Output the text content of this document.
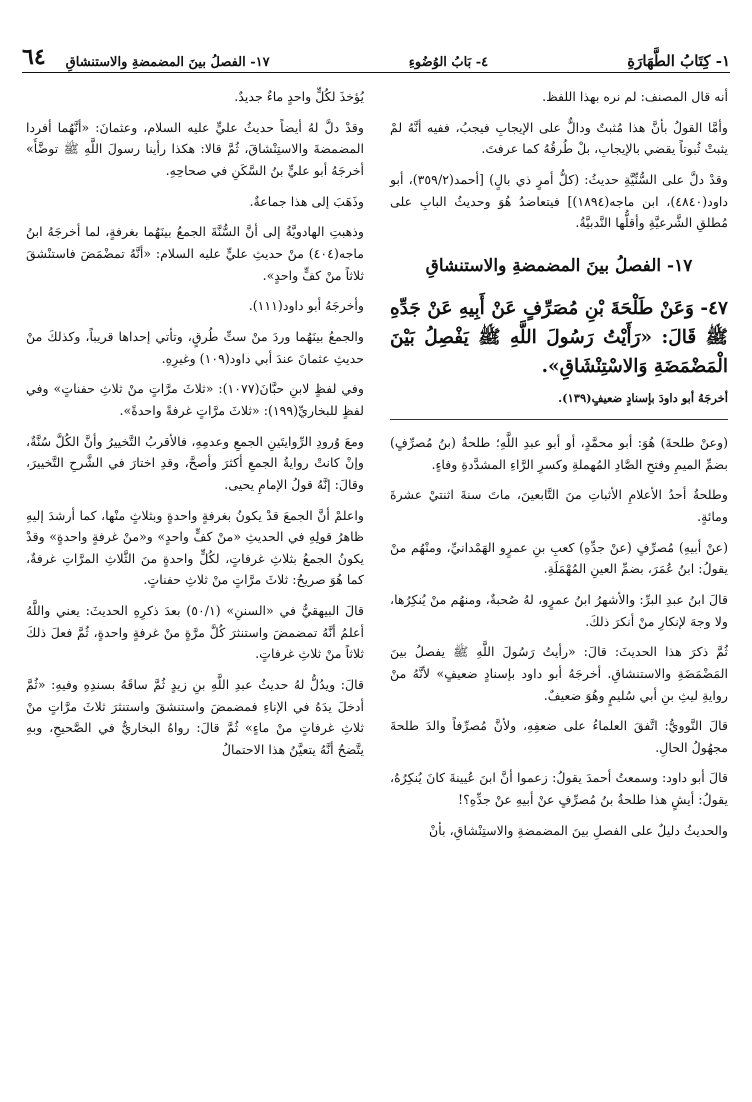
١- كِتَابُ الطَّهَارَةِ
٤- بَابُ الوُضُوءِ
١٧- الفصلُ بينَ المضمضةِ والاستنشاقِ
٦٤

أنه قال المصنف: لم نره بهذا اللفظ.

وأمَّا القولُ بأنَّ هذا مُثبتٌ ودالٌّ على الإيجابِ فيجبُ، ففيه أنَّهُ لمْ يثبتْ ثُبوتاً يقضي بالإيجابِ، بلْ طُرقُهُ كما عرفتَ.

وقدْ دلَّ على السُّنِّيَّةِ حديثُ: (كلُّ أمرٍ ذي بالٍ) [أحمد(٣٥٩/٢)، أبو داود(٤٨٤٠)، ابن ماجه(١٨٩٤)] فيتعاضدُ هُوَ وحديثُ البابِ على مُطلقِ الشَّرعيَّةِ وأقلُّها النَّدبيَّةُ.

١٧- الفصلُ بينَ المضمضةِ والاستنشاقِ
٤٧- وَعَنْ طَلْحَةَ بْنِ مُصَرِّفٍ عَنْ أَبِيهِ عَنْ جَدِّهِ ﷺ قَالَ: «رَأَيْتُ رَسُولَ اللَّهِ ﷺ يَفْصِلُ بَيْنَ الْمَضْمَضَةِ وَالاسْتِنْشَاقِ».
أخرجَهُ أبو داودَ بإسنادٍ ضعيفٍ(١٣٩).

(وعنْ طلحةَ) هُوَ: أبو محمَّدٍ، أو أبو عبدِ اللَّهِ؛ طلحةُ (بنُ مُصرِّفٍ) بضمِّ الميمِ وفتحِ الصَّادِ المُهملةِ وكسرِ الرَّاءِ المشدَّدةِ وفاءٍ.

وطلحةُ أحدُ الأعلامِ الأثباتِ منَ التَّابعينَ، ماتَ سنةَ اثنتيْ عشرةَ ومائةٍ.

(عنْ أبيهِ) مُصرِّفٍ (عنْ جدِّهِ) كعبِ بنِ عمرٍو الهَمْدانيِّ، ومنْهُم منْ يقولُ: ابنُ عُمَرَ، بضمِّ العينِ المُهْمَلَةِ.

قالَ ابنُ عبدِ البرِّ: والأشهرُ ابنُ عمرٍو، لهُ صُحبةٌ، ومنهُم منْ يُنكِرُها، ولا وجهَ لإنكارِ منْ أنكرَ ذلكَ.

ثُمَّ ذكرَ هذا الحديثَ: قالَ: «رأيتُ رَسُولَ اللَّهِ ﷺ يفصلُ بينَ المَضْمَضَةِ والاستنشاقِ. أخرجَهُ أبو داود بإسنادٍ ضعيفٍ» لأنَّهُ منْ روايةِ ليثِ بنِ أبي سُليمٍ وهُوَ ضعيفٌ.

قالَ النَّوويُّ: اتَّفقَ العلماءُ على ضعفِهِ، ولأنَّ مُصرِّفاً والدَ طلحةَ مجهُولُ الحالِ.

قالَ أبو داود: وسمعتُ أحمدَ يقولُ: زعموا أنَّ ابنَ عُيينةَ كانَ يُنكِرُهُ، يقولُ: أيشٍ هذا طلحةُ بنُ مُصرِّفٍ عنْ أبيهِ عنْ جدِّهِ؟!

والحديثُ دليلٌ على الفصلِ بينَ المضمضةِ والاستِنْشاقِ، بأنْ

يُؤخذَ لكُلٍّ واحدٍ ماءٌ جديدٌ.

وقدْ دلَّ لهُ أيضاً حديثُ عليٍّ عليه السلام، وعثمانَ: «أنَّهُما أفردا المضمضةَ والاستِنْشاقَ، ثُمَّ قالا: هكذا رأينا رسولَ اللَّهِ ﷺ توضَّأَ» أخرجَهُ أبو عليٍّ بنُ السَّكَنِ في صحاحِهِ.

وذَهَبَ إلى هذا جماعةٌ.

وذهبتِ الهادويَّةُ إلى أنَّ السُّنَّةَ الجمعُ بينَهُما بغرفةٍ، لما أخرجَهُ ابنُ ماجه(٤٠٤) منْ حديثِ عليٍّ عليه السلام: «أنَّهُ تمضْمَضَ فاستنْشقَ ثلاثاً منْ كفٍّ واحدٍ».

وأخرجَهُ أبو داود(١١١).

والجمعُ بينَهُما وردَ منْ ستِّ طُرقٍ، وتأتي إحداها قريباً، وكذلكَ منْ حديثِ عثمانَ عندَ أبي داود(١٠٩) وغيرِهِ.

وفي لفظٍ لابنِ حبَّانَ(١٠٧٧): «ثلاثَ مرَّاتٍ منْ ثلاثِ حفناتٍ» وفي لفظٍ للبخاريِّ(١٩٩): «ثلاثَ مرَّاتٍ غرفةً واحدةً».

ومعَ وُرودِ الرِّوايتَينِ الجمعِ وعدمِهِ، فالأقربُ التَّخييرُ وأنَّ الكُلَّ سُنَّةٌ، وإنْ كانتْ روايةُ الجمعِ أكثرَ وأصحَّ، وقدِ اختارَ في الشَّرحِ التَّخييرَ، وقالَ: إنَّهُ قولُ الإمامِ يحيى.

واعلمْ أنَّ الجمعَ قدْ يكونُ بغرفةٍ واحدةٍ وبثلاثٍ منْها، كما أرشدَ إليهِ ظاهرُ قولِهِ في الحديثِ «منْ كفٍّ واحدٍ» و«منْ غرفةٍ واحدةٍ» وقدْ يكونُ الجمعُ بثلاثِ غرفاتٍ، لكُلٍّ واحدةٍ منَ الثَّلاثِ المرَّاتِ غرفةٌ، كما هُوَ صريحُ: ثلاثَ مرَّاتٍ منْ ثلاثِ حفناتٍ.

قالَ البيهقيُّ في «السننِ» (٥٠/١) بعدَ ذكرِهِ الحديثَ: يعني واللَّهُ أعلمُ أنَّهُ تمضمضَ واستنثرَ كُلَّ مرَّةٍ منْ غرفةٍ واحدةٍ، ثُمَّ فعلَ ذلكَ ثلاثاً منْ ثلاثِ غرفاتٍ.

قالَ: ويدُلُّ لهُ حديثُ عبدِ اللَّهِ بنِ زيدٍ ثُمَّ ساقَهُ بسندِهِ وفيهِ: «ثُمَّ أدخلَ يدَهُ في الإناءِ فمضمضَ واستنشقَ واستنثرَ ثلاثَ مرَّاتٍ منْ ثلاثِ غرفاتٍ منْ ماءٍ» ثُمَّ قالَ: رواهُ البخاريُّ في الصَّحيحِ، وبهِ يتَّضحُ أنَّهُ يتعيَّنُ هذا الاحتمالُ
